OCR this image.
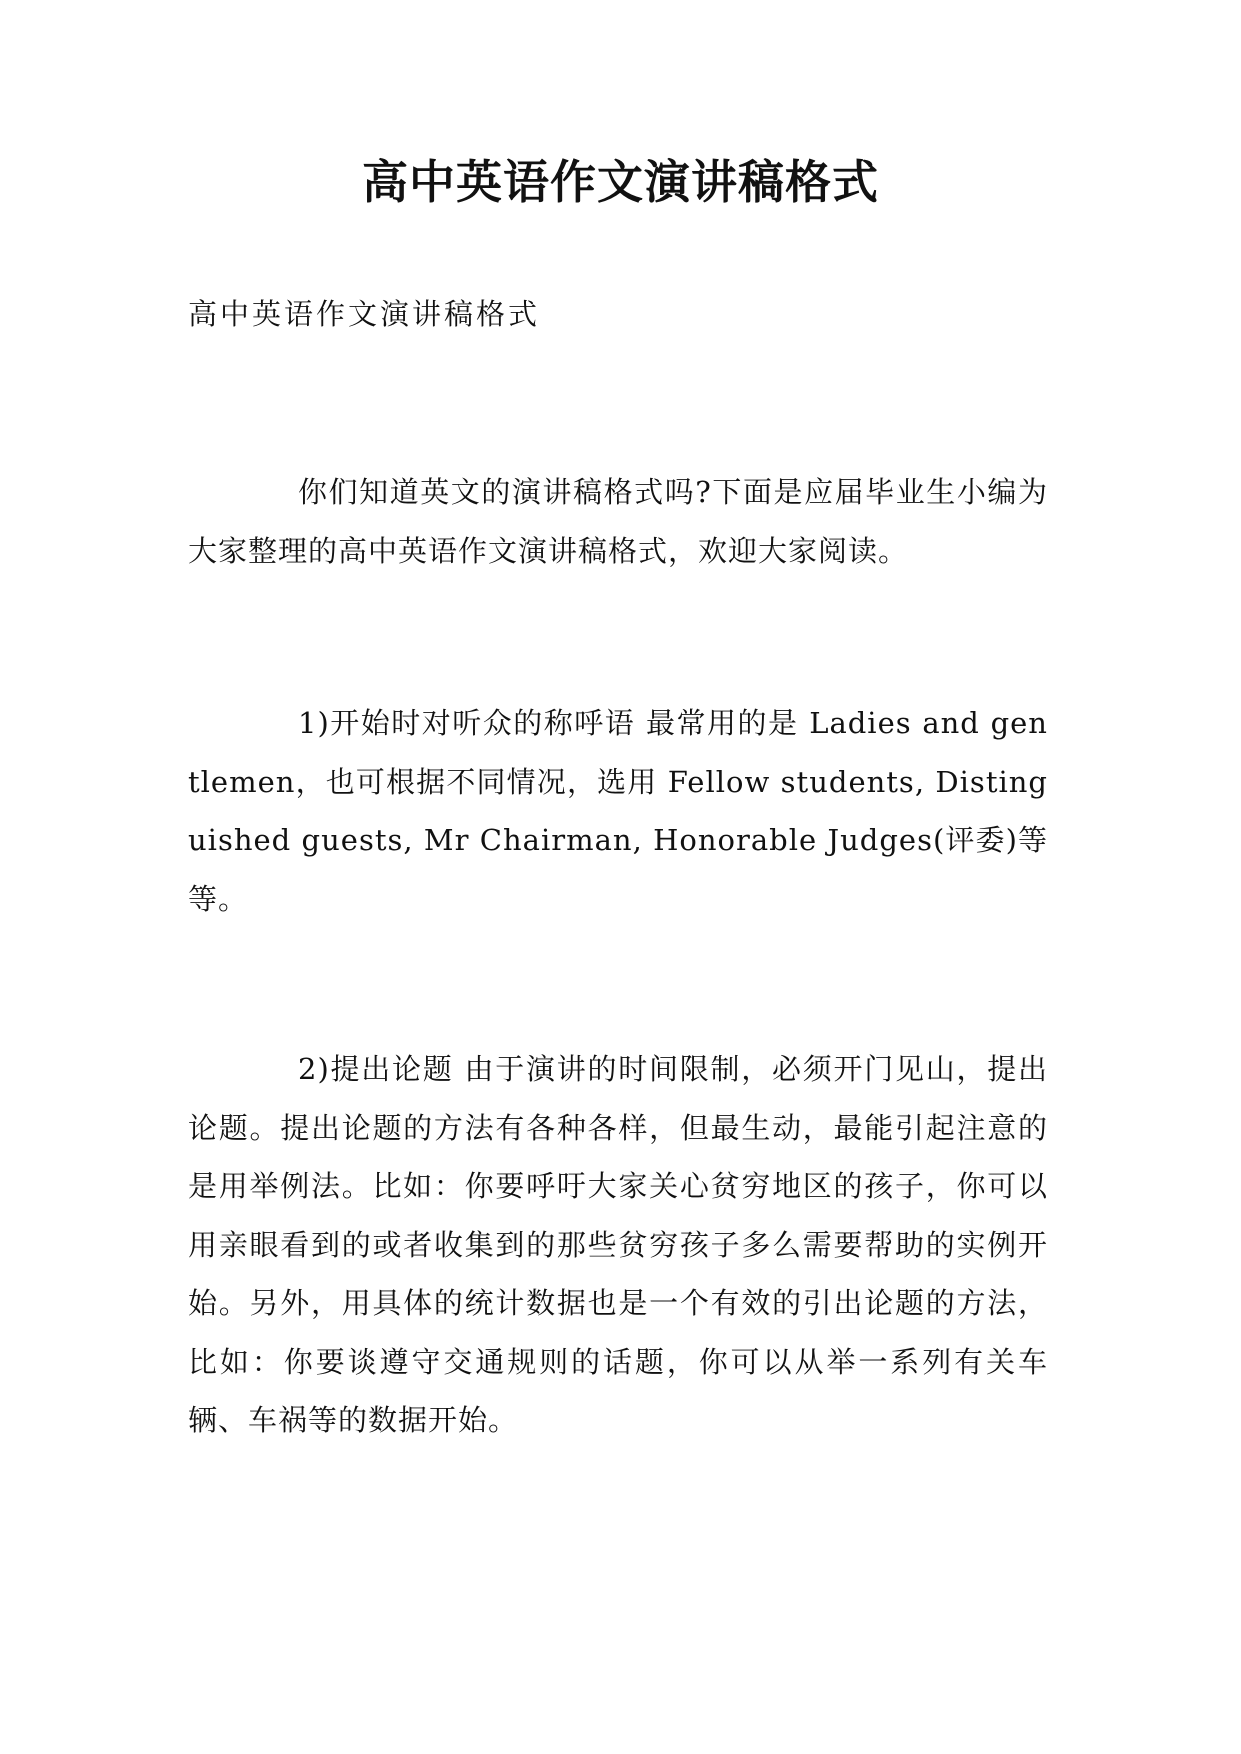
高中英语作文演讲稿格式

高中英语作文演讲稿格式

你们知道英文的演讲稿格式吗?下面是应届毕业生小编为大家整理的高中英语作文演讲稿格式，欢迎大家阅读。

1)开始时对听众的称呼语 最常用的是 Ladies and gentlemen，也可根据不同情况，选用 Fellow students, Distinguished guests, Mr Chairman, Honorable Judges(评委)等等。

2)提出论题 由于演讲的时间限制，必须开门见山，提出论题。提出论题的方法有各种各样，但最生动，最能引起注意的是用举例法。比如：你要呼吁大家关心贫穷地区的孩子，你可以用亲眼看到的或者收集到的那些贫穷孩子多么需要帮助的实例开始。另外，用具体的统计数据也是一个有效的引出论题的方法，比如：你要谈遵守交通规则的话题，你可以从举一系列有关车辆、车祸等的数据开始。
